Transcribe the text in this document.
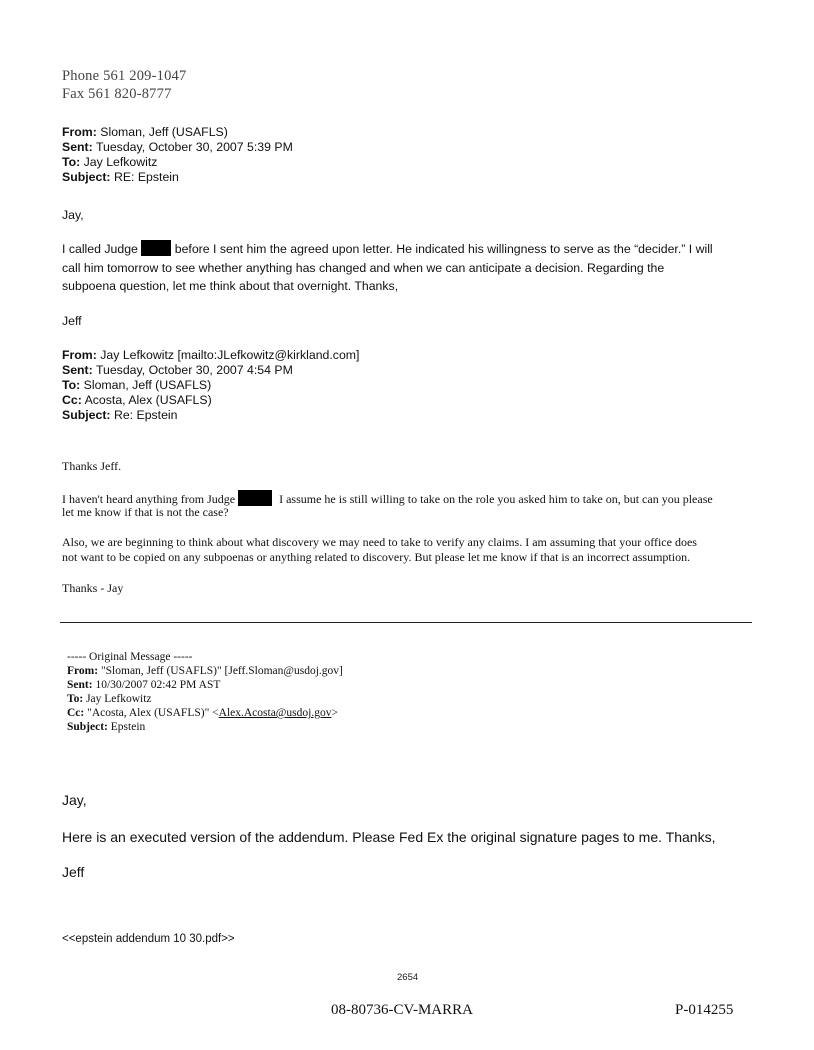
Phone 561 209-1047
Fax 561 820-8777
From: Sloman, Jeff (USAFLS)
Sent: Tuesday, October 30, 2007 5:39 PM
To: Jay Lefkowitz
Subject: RE: Epstein
Jay,
I called Judge	before I sent him the agreed upon letter. He indicated his willingness to serve as the “decider.” I will
call him tomorrow to see whether anything has changed and when we can anticipate a decision. Regarding the
subpoena question, let me think about that overnight. Thanks,
Jeff
From: Jay Lefkowitz [mailto:JLefkowitz@kirkland.com]
Sent: Tuesday, October 30, 2007 4:54 PM
To: Sloman, Jeff (USAFLS)
Cc: Acosta, Alex (USAFLS)
Subject: Re: Epstein
Thanks Jeff.
I haven't heard anything from Judge	I assume he is still willing to take on the role you asked him to take on, but can you please
let me know if that is not the case?
Also, we are beginning to think about what discovery we may need to take to verify any claims. I am assuming that your office does
not want to be copied on any subpoenas or anything related to discovery. But please let me know if that is an incorrect assumption.
Thanks - Jay
----- Original Message -----
From: "Sloman, Jeff (USAFLS)" [Jeff.Sloman@usdoj.gov]
Sent: 10/30/2007 02:42 PM AST
To: Jay Lefkowitz
Cc: "Acosta, Alex (USAFLS)" <Alex.Acosta@usdoj.gov>
Subject: Epstein
Jay,
Here is an executed version of the addendum. Please Fed Ex the original signature pages to me. Thanks,
Jeff
<<epstein addendum 10 30.pdf>>
2654
08-80736-CV-MARRA	P-014255
